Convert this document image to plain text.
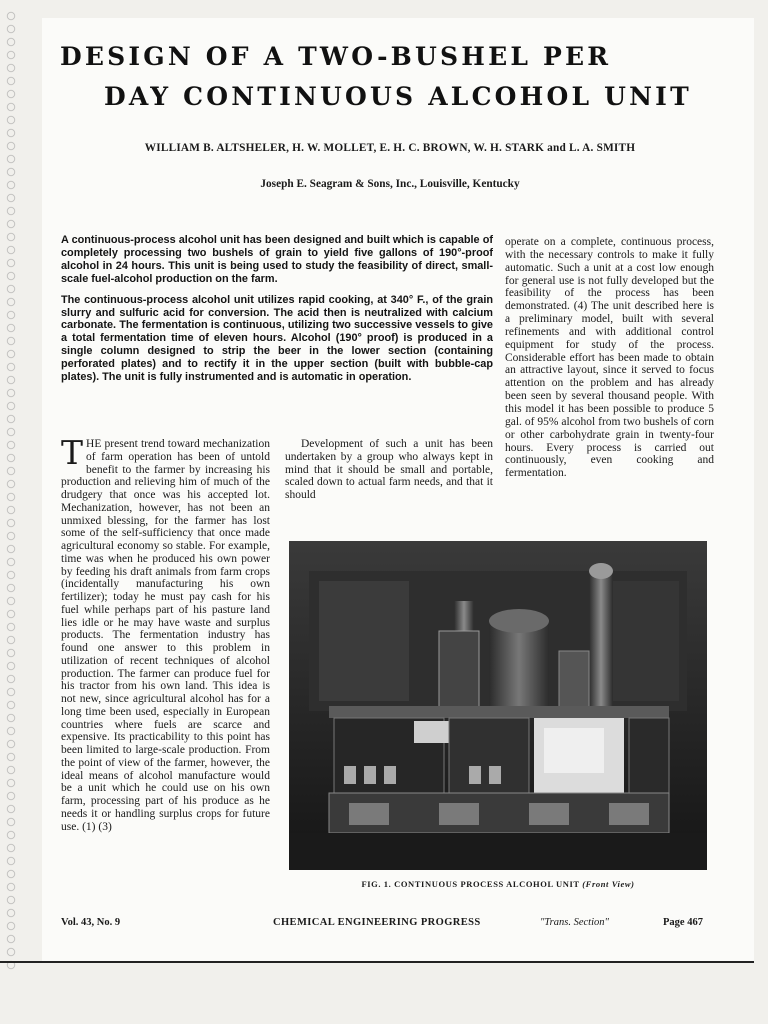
DESIGN OF A TWO-BUSHEL PER
DAY CONTINUOUS ALCOHOL UNIT
WILLIAM B. ALTSHELER, H. W. MOLLET, E. H. C. BROWN, W. H. STARK and L. A. SMITH
Joseph E. Seagram & Sons, Inc., Louisville, Kentucky

A continuous-process alcohol unit has been designed and built which is capable of completely processing two bushels of grain to yield five gallons of 190°-proof alcohol in 24 hours. This unit is being used to study the feasibility of direct, small-scale fuel-alcohol production on the farm.

The continuous-process alcohol unit utilizes rapid cooking, at 340° F., of the grain slurry and sulfuric acid for conversion. The acid then is neutralized with calcium carbonate. The fermentation is continuous, utilizing two successive vessels to give a total fermentation time of eleven hours. Alcohol (190° proof) is produced in a single column designed to strip the beer in the lower section (containing perforated plates) and to rectify it in the upper section (built with bubble-cap plates). The unit is fully instrumented and is automatic in operation.

THE present trend toward mechanization of farm operation has been of untold benefit to the farmer by increasing his production and relieving him of much of the drudgery that once was his accepted lot. Mechanization, however, has not been an unmixed blessing, for the farmer has lost some of the self-sufficiency that once made agricultural economy so stable. For example, time was when he produced his own power by feeding his draft animals from farm crops (incidentally manufacturing his own fertilizer); today he must pay cash for his fuel while perhaps part of his pasture land lies idle or he may have waste and surplus products. The fermentation industry has found one answer to this problem in utilization of recent techniques of alcohol production. The farmer can produce fuel for his tractor from his own land. This idea is not new, since agricultural alcohol has for a long time been used, especially in European countries where fuels are scarce and expensive. Its practicability to this point has been limited to large-scale production. From the point of view of the farmer, however, the ideal means of alcohol manufacture would be a unit which he could use on his own farm, processing part of his produce as he needs it or handling surplus crops for future use. (1) (3)

Development of such a unit has been undertaken by a group who always kept in mind that it should be small and portable, scaled down to actual farm needs, and that it should

operate on a complete, continuous process, with the necessary controls to make it fully automatic. Such a unit at a cost low enough for general use is not fully developed but the feasibility of the process has been demonstrated. (4) The unit described here is a preliminary model, built with several refinements and with additional control equipment for study of the process. Considerable effort has been made to obtain an attractive layout, since it served to focus attention on the problem and has already been seen by several thousand people. With this model it has been possible to produce 5 gal. of 95% alcohol from two bushels of corn or other carbohydrate grain in twenty-four hours. Every process is carried out continuously, even cooking and fermentation.

FIG. 1. CONTINUOUS PROCESS ALCOHOL UNIT (Front View)
Vol. 43, No. 9	CHEMICAL ENGINEERING PROGRESS	"Trans. Section"	Page 467
